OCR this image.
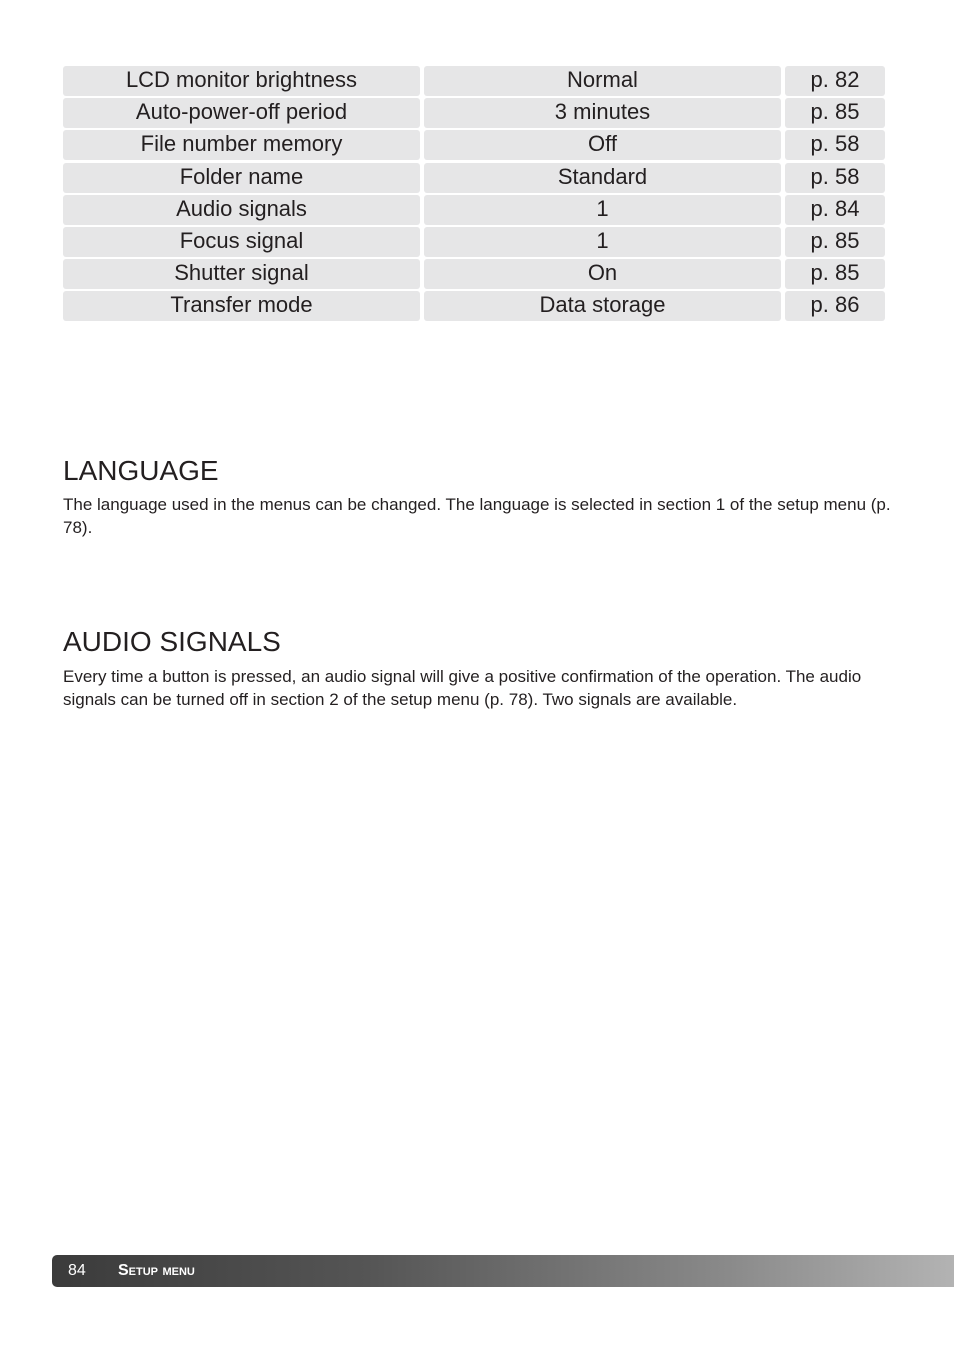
LCD monitor brightness	Normal	p. 82
Auto-power-off period	3 minutes	p. 85
File number memory	Off	p. 58
Folder name	Standard	p. 58
Audio signals	1	p. 84
Focus signal	1	p. 85
Shutter signal	On	p. 85
Transfer mode	Data storage	p. 86
LANGUAGE

The language used in the menus can be changed. The language is selected in section 1 of the setup menu (p. 78).

AUDIO SIGNALS

Every time a button is pressed, an audio signal will give a positive confirmation of the operation. The audio signals can be turned off in section 2 of the setup menu (p. 78). Two signals are available.

84 Setup menu
